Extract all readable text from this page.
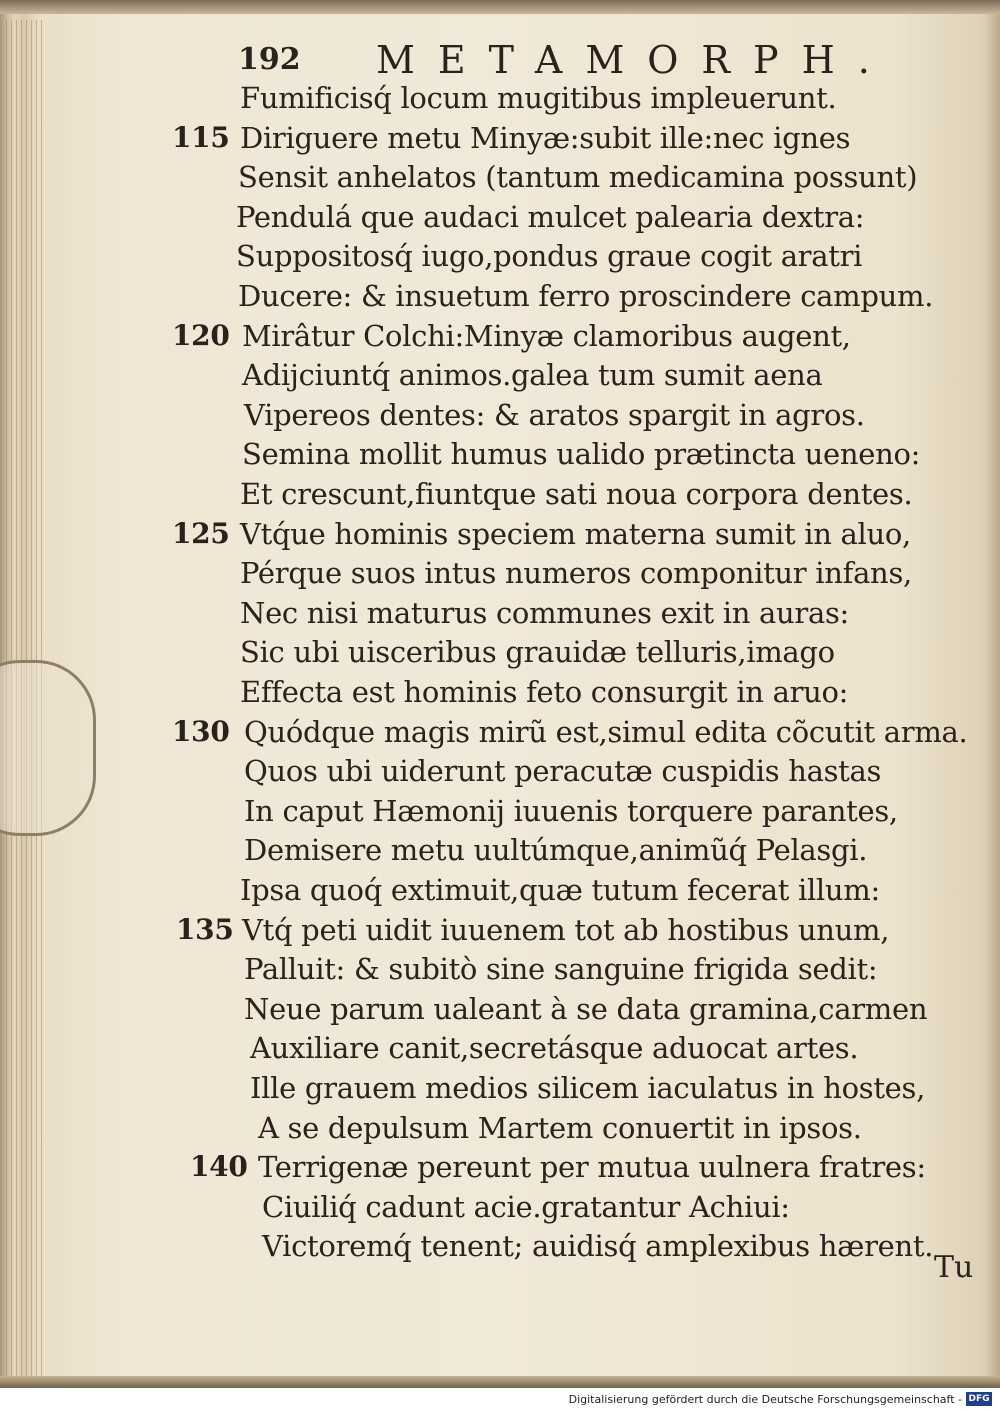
192 METAMORPH.
Fumificisq́ locum mugitibus impleuerunt.
115 Diriguere metu Minyæ:subit ille:nec ignes
Sensit anhelatos (tantum medicamina possunt)
Pendulá que audaci mulcet palearia dextra:
Suppositosq́ iugo,pondus graue cogit aratri
Ducere: & insuetum ferro proscindere campum.
120 Mirâtur Colchi:Minyæ clamoribus augent,
Adijciuntq́ animos.galea tum sumit aena
Vipereos dentes: & aratos spargit in agros.
Semina mollit humus ualido prætincta ueneno:
Et crescunt,fiuntque sati noua corpora dentes.
125 Vtq́ue hominis speciem materna sumit in aluo,
Pérque suos intus numeros componitur infans,
Nec nisi maturus communes exit in auras:
Sic ubi uisceribus grauidæ telluris,imago
Effecta est hominis feto consurgit in aruo:
130 Quódque magis mirũ est,simul edita cõcutit arma.
Quos ubi uiderunt peracutæ cuspidis hastas
In caput Hæmonij iuuenis torquere parantes,
Demisere metu uultúmque,animũq́ Pelasgi.
Ipsa quoq́ extimuit,quæ tutum fecerat illum:
135 Vtq́ peti uidit iuuenem tot ab hostibus unum,
Palluit: & subitò sine sanguine frigida sedit:
Neue parum ualeant à se data gramina,carmen
Auxiliare canit,secretásque aduocat artes.
Ille grauem medios silicem iaculatus in hostes,
A se depulsum Martem conuertit in ipsos.
140 Terrigenæ pereunt per mutua uulnera fratres:
Ciuiliq́ cadunt acie.gratantur Achiui:
Victoremq́ tenent; auidisq́ amplexibus hærent.
Tu
Digitalisierung gefördert durch die Deutsche Forschungsgemeinschaft - DFG
